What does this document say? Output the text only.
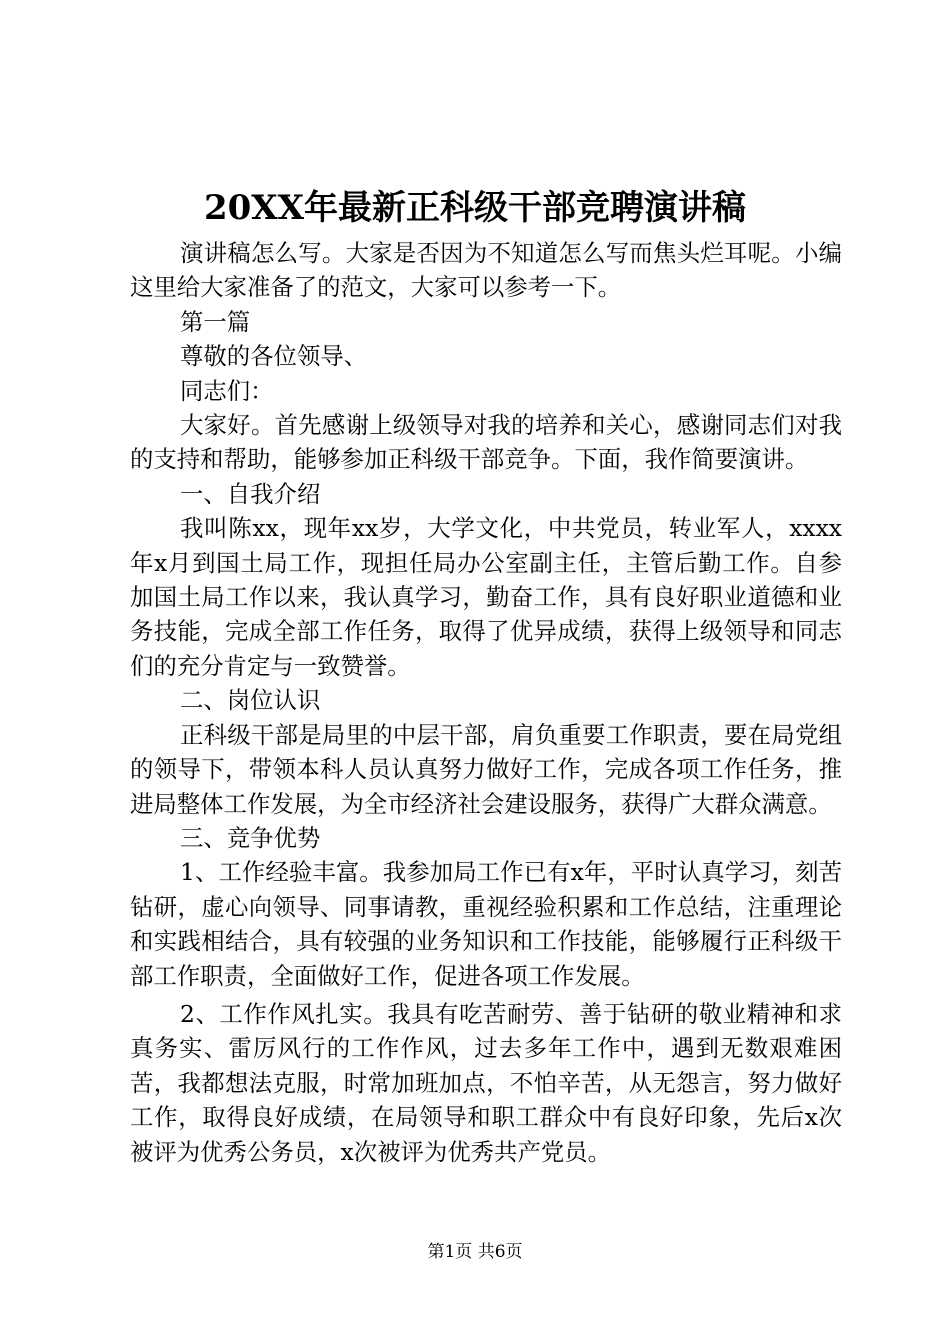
20XX年最新正科级干部竞聘演讲稿

演讲稿怎么写。大家是否因为不知道怎么写而焦头烂耳呢。小编这里给大家准备了的范文，大家可以参考一下。

第一篇

尊敬的各位领导、

同志们：

大家好。首先感谢上级领导对我的培养和关心，感谢同志们对我的支持和帮助，能够参加正科级干部竞争。下面，我作简要演讲。

一、自我介绍

我叫陈xx，现年xx岁，大学文化，中共党员，转业军人，xxxx年x月到国土局工作，现担任局办公室副主任，主管后勤工作。自参加国土局工作以来，我认真学习，勤奋工作，具有良好职业道德和业务技能，完成全部工作任务，取得了优异成绩，获得上级领导和同志们的充分肯定与一致赞誉。

二、岗位认识

正科级干部是局里的中层干部，肩负重要工作职责，要在局党组的领导下，带领本科人员认真努力做好工作，完成各项工作任务，推进局整体工作发展，为全市经济社会建设服务，获得广大群众满意。

三、竞争优势

1、工作经验丰富。我参加局工作已有x年，平时认真学习，刻苦钻研，虚心向领导、同事请教，重视经验积累和工作总结，注重理论和实践相结合，具有较强的业务知识和工作技能，能够履行正科级干部工作职责，全面做好工作，促进各项工作发展。

2、工作作风扎实。我具有吃苦耐劳、善于钻研的敬业精神和求真务实、雷厉风行的工作作风，过去多年工作中，遇到无数艰难困苦，我都想法克服，时常加班加点，不怕辛苦，从无怨言，努力做好工作，取得良好成绩，在局领导和职工群众中有良好印象，先后x次被评为优秀公务员，x次被评为优秀共产党员。

第1页 共6页
